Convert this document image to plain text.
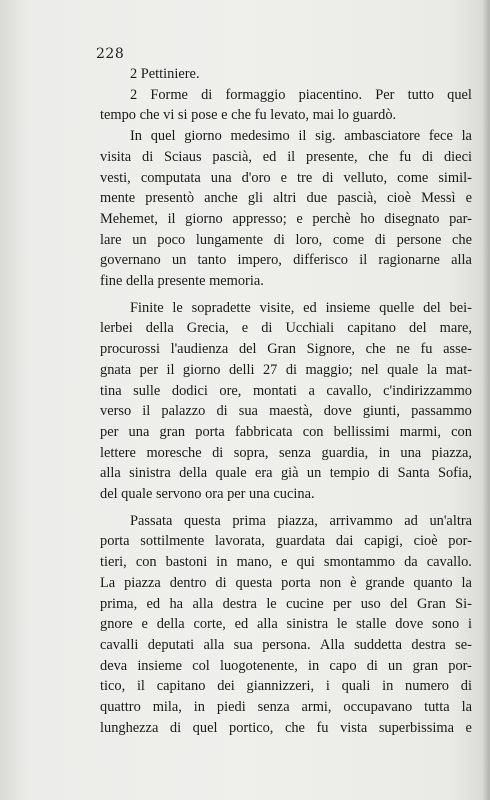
228
2 Pettiniere.
2 Forme di formaggio piacentino. Per tutto quel
tempo che vi si pose e che fu levato, mai lo guardò.
In quel giorno medesimo il sig. ambasciatore fece la
visita di Sciaus pascià, ed il presente, che fu di dieci
vesti, computata una d'oro e tre di velluto, come simil-
mente presentò anche gli altri due pascià, cioè Messì e
Mehemet, il giorno appresso; e perchè ho disegnato par-
lare un poco lungamente di loro, come di persone che
governano un tanto impero, differisco il ragionarne alla
fine della presente memoria.
Finite le sopradette visite, ed insieme quelle del bei-
lerbei della Grecia, e di Ucchiali capitano del mare,
procurossi l'audienza del Gran Signore, che ne fu asse-
gnata per il giorno delli 27 di maggio; nel quale la mat-
tina sulle dodici ore, montati a cavallo, c'indirizzammo
verso il palazzo di sua maestà, dove giunti, passammo
per una gran porta fabbricata con bellissimi marmi, con
lettere moresche di sopra, senza guardia, in una piazza,
alla sinistra della quale era già un tempio di Santa Sofia,
del quale servono ora per una cucina.
Passata questa prima piazza, arrivammo ad un'altra
porta sottilmente lavorata, guardata dai capigi, cioè por-
tieri, con bastoni in mano, e qui smontammo da cavallo.
La piazza dentro di questa porta non è grande quanto la
prima, ed ha alla destra le cucine per uso del Gran Si-
gnore e della corte, ed alla sinistra le stalle dove sono i
cavalli deputati alla sua persona. Alla suddetta destra se-
deva insieme col luogotenente, in capo di un gran por-
tico, il capitano dei giannizzeri, i quali in numero di
quattro mila, in piedi senza armi, occupavano tutta la
lunghezza di quel portico, che fu vista superbissima e
